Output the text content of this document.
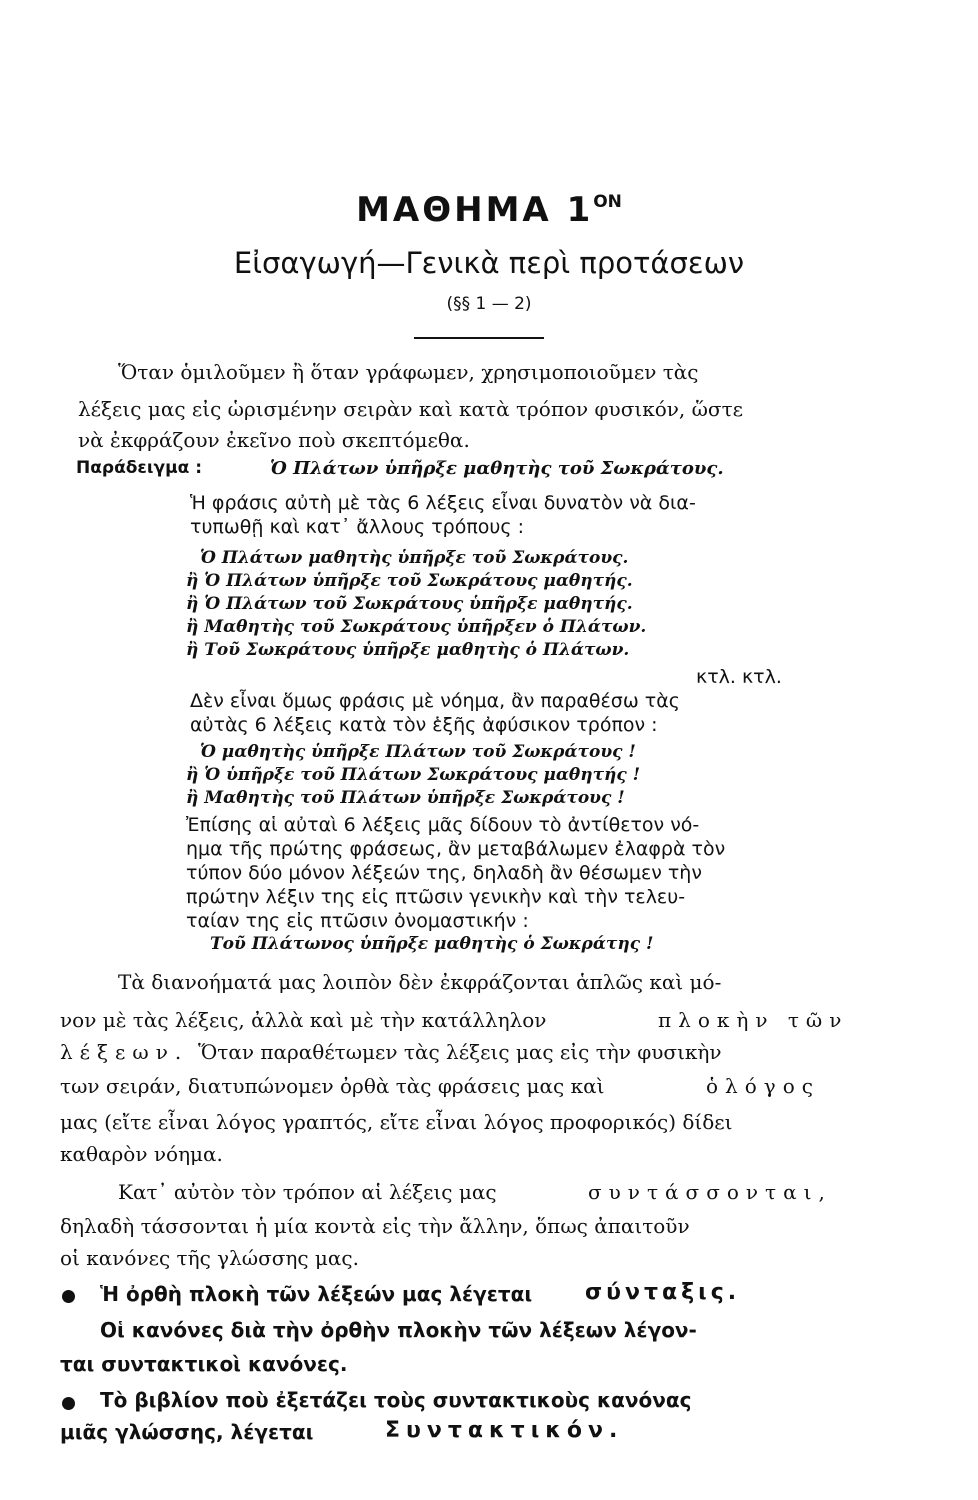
ΜΑΘΗΜΑ $1^{ON}$
Εἰσαγωγή—Γενικὰ περὶ προτάσεων
(§§ 1 — 2)
Ὅταν ὁμιλοῦμεν ἢ ὅταν γράφωμεν, χρησιμοποιοῦμεν τὰς
λέξεις μας εἰς ὡρισμένην σειρὰν καὶ κατὰ τρόπον φυσικόν, ὥστε
νὰ ἐκφράζουν ἐκεῖνο ποὺ σκεπτόμεθα.
Παράδειγμα :	Ὁ Πλάτων ὑπῆρξε μαθητὴς τοῦ Σωκράτους.
Ἡ φράσις αὐτὴ μὲ τὰς 6 λέξεις εἶναι δυνατὸν νὰ δια-
τυπωθῇ καὶ κατ᾿ ἄλλους τρόπους :
Ὁ Πλάτων μαθητὴς ὑπῆρξε τοῦ Σωκράτους.
ἢ Ὁ Πλάτων ὑπῆρξε τοῦ Σωκράτους μαθητής.
ἢ Ὁ Πλάτων τοῦ Σωκράτους ὑπῆρξε μαθητής.
ἢ Μαθητὴς τοῦ Σωκράτους ὑπῆρξεν ὁ Πλάτων.
ἢ Τοῦ Σωκράτους ὑπῆρξε μαθητὴς ὁ Πλάτων.
κτλ. κτλ.
Δὲν εἶναι ὅμως φράσις μὲ νόημα, ἂν παραθέσω τὰς
αὐτὰς 6 λέξεις κατὰ τὸν ἑξῆς ἀφύσικον τρόπον :
Ὁ μαθητὴς ὑπῆρξε Πλάτων τοῦ Σωκράτους !
ἢ Ὁ ὑπῆρξε τοῦ Πλάτων Σωκράτους μαθητής !
ἢ Μαθητὴς τοῦ Πλάτων ὑπῆρξε Σωκράτους !
Ἐπίσης αἱ αὐταὶ 6 λέξεις μᾶς δίδουν τὸ ἀντίθετον νό-
ημα τῆς πρώτης φράσεως, ἂν μεταβάλωμεν ἐλαφρὰ τὸν
τύπον δύο μόνον λέξεών της, δηλαδὴ ἂν θέσωμεν τὴν
πρώτην λέξιν της εἰς πτῶσιν γενικὴν καὶ τὴν τελευ-
ταίαν της εἰς πτῶσιν ὀνομαστικήν :
Τοῦ Πλάτωνος ὑπῆρξε μαθητὴς ὁ Σωκράτης !
Τὰ διανοήματά μας λοιπὸν δὲν ἐκφράζονται ἁπλῶς καὶ μό-
νον μὲ τὰς λέξεις, ἀλλὰ καὶ μὲ τὴν κατάλληλον	πλοκὴν τῶν
λέξεων. Ὅταν παραθέτωμεν τὰς λέξεις μας εἰς τὴν φυσικὴν
των σειράν, διατυπώνομεν ὀρθὰ τὰς φράσεις μας καὶ	ὁλόγος
μας (εἴτε εἶναι λόγος γραπτός, εἴτε εἶναι λόγος προφορικός) δίδει
καθαρὸν νόημα.
Κατ᾿ αὐτὸν τὸν τρόπον αἱ λέξεις μας	συντάσσονται,
δηλαδὴ τάσσονται ἡ μία κοντὰ εἰς τὴν ἄλλην, ὅπως ἀπαιτοῦν
οἱ κανόνες τῆς γλώσσης μας.
Ἡ ὀρθὴ πλοκὴ τῶν λέξεών μας λέγεται σύνταξις.
Οἱ κανόνες διὰ τὴν ὀρθὴν πλοκὴν τῶν λέξεων λέγον-
ται συντακτικοὶ κανόνες.
Τὸ βιβλίον ποὺ ἐξετάζει τοὺς συντακτικοὺς κανόνας
μιᾶς γλώσσης, λέγεται	Συντακτικόν.
